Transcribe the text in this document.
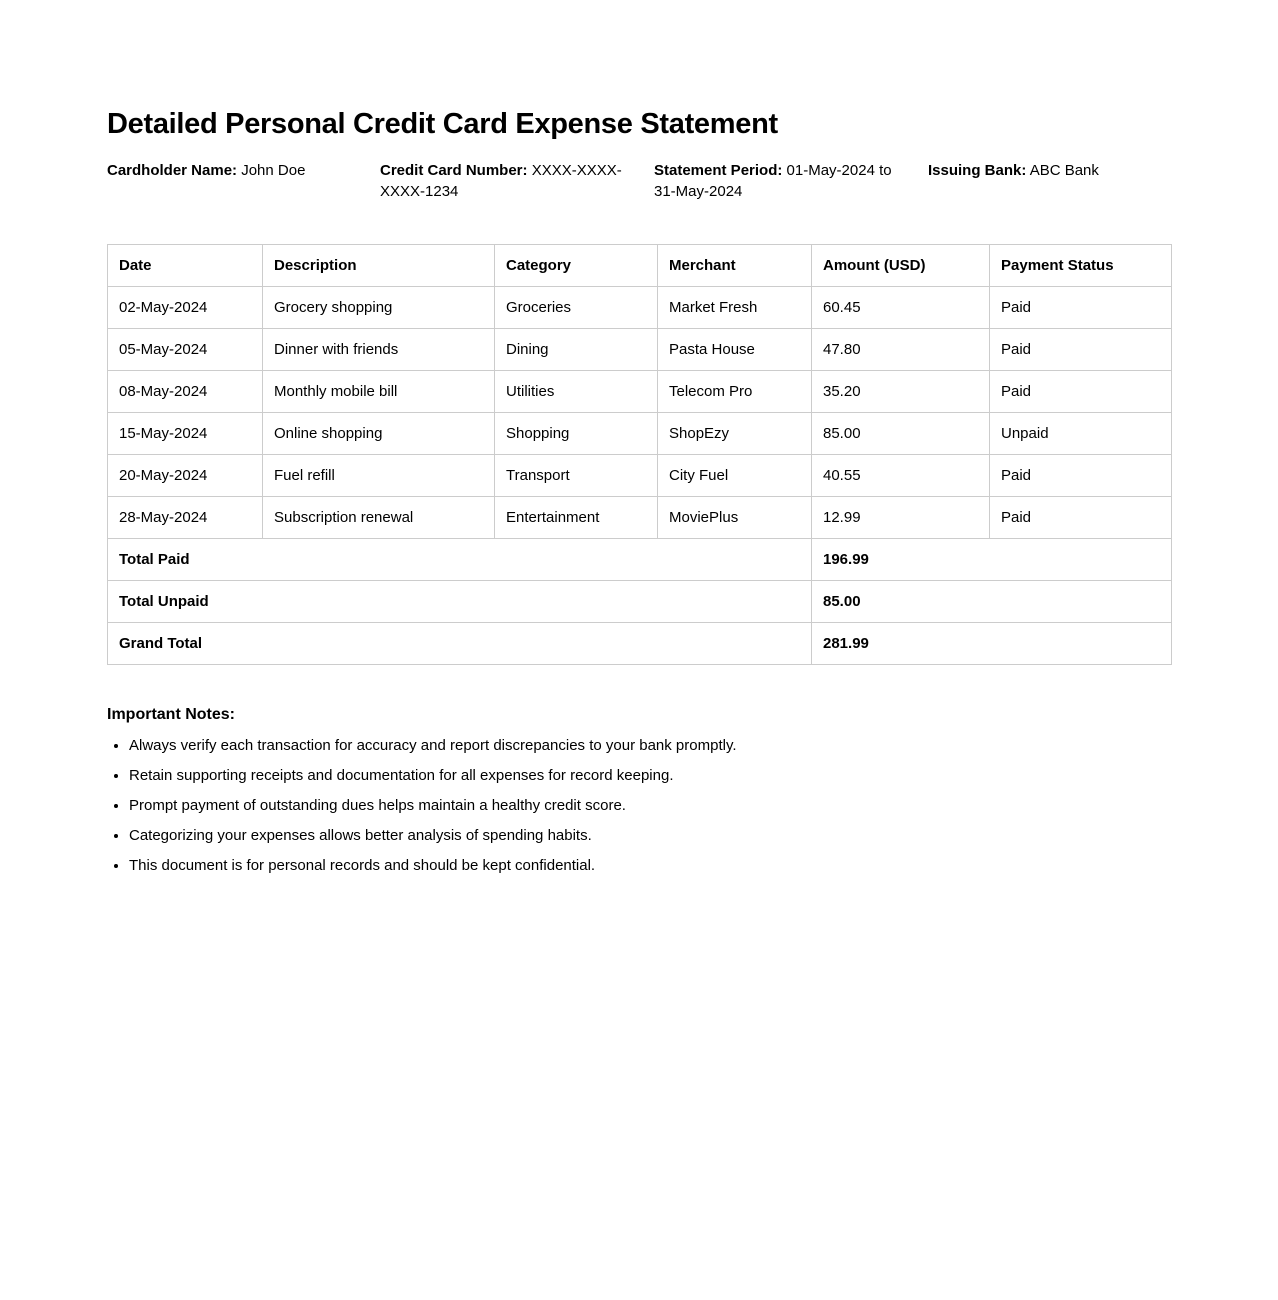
Detailed Personal Credit Card Expense Statement
Cardholder Name: John Doe	Credit Card Number: XXXX-XXXX-XXXX-1234
Statement Period: 01-May-2024 to 31-May-2024
Issuing Bank: ABC Bank
Date	Description	Category	Merchant	Amount (USD)	Payment Status
02-May-2024	Grocery shopping	Groceries	Market Fresh	60.45	Paid
05-May-2024	Dinner with friends	Dining	Pasta House	47.80	Paid
08-May-2024	Monthly mobile bill	Utilities	Telecom Pro	35.20	Paid
15-May-2024	Online shopping	Shopping	ShopEzy	85.00	Unpaid
20-May-2024	Fuel refill	Transport	City Fuel	40.55	Paid
28-May-2024	Subscription renewal	Entertainment	MoviePlus	12.99	Paid
Total Paid				196.99	
Total Unpaid				85.00	
Grand Total				281.99	
Important Notes:
• Always verify each transaction for accuracy and report discrepancies to your bank promptly.
• Retain supporting receipts and documentation for all expenses for record keeping.
• Prompt payment of outstanding dues helps maintain a healthy credit score.
• Categorizing your expenses allows better analysis of spending habits.
• This document is for personal records and should be kept confidential.
